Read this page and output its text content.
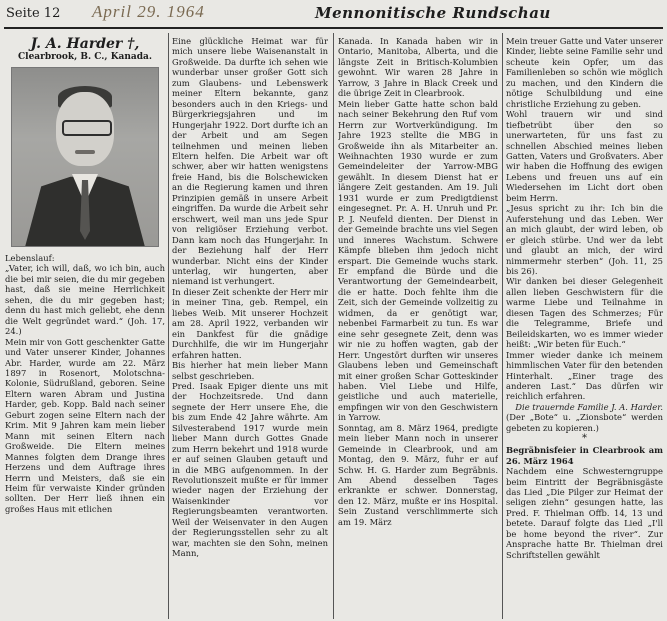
Seite 12 April 29. 1964	Mennonitische Rundschau

J. A. Harder †,

Clearbrook, B. C., Kanada.

Lebenslauf:

„Vater, ich will, daß, wo ich bin, auch die bei mir seien, die du mir gegeben hast, daß sie meine Herrlichkeit sehen, die du mir gegeben hast; denn du hast mich geliebt, ehe denn die Welt gegründet ward.“ (Joh. 17, 24.)

Mein mir von Gott geschenkter Gatte und Vater unserer Kinder, Johannes Abr. Harder, wurde am 22. März 1897 in Rosenort, Molotschna-Kolonie, Südrußland, geboren. Seine Eltern waren Abram und Justina Harder, geb. Kopp. Bald nach seiner Geburt zogen seine Eltern nach der Krim. Mit 9 Jahren kam mein lieber Mann mit seinen Eltern nach Großweide. Die Eltern meines Mannes folgten dem Drange ihres Herzens und dem Auftrage ihres Herrn und Meisters, daß sie ein Heim für verwaiste Kinder gründen sollten. Der Herr ließ ihnen ein großes Haus mit etlichen

Eine glückliche Heimat war für mich unsere liebe Waisenanstalt in Großweide. Da durfte ich sehen wie wunderbar unser großer Gott sich zum Glaubens- und Lebenswerk meiner Eltern bekannte, ganz besonders auch in den Kriegs- und Bürgerkriegsjahren und im Hungerjahr 1922. Dort durfte ich an der Arbeit und am Segen teilnehmen und meinen lieben Eltern helfen. Die Arbeit war oft schwer, aber wir hatten wenigstens freie Hand, bis die Bolschewicken an die Regierung kamen und ihren Prinzipien gemäß in unsere Arbeit eingriffen. Da wurde die Arbeit sehr erschwert, weil man uns jede Spur von religiöser Erziehung verbot. Dann kam noch das Hungerjahr. In der Beziehung half der Herr wunderbar. Nicht eins der Kinder unterlag, wir hungerten, aber niemand ist verhungert.

In dieser Zeit schenkte der Herr mir in meiner Tina, geb. Rempel, ein liebes Weib. Mit unserer Hochzeit am 28. April 1922, verbanden wir ein Dankfest für die gnädige Durchhilfe, die wir im Hungerjahr erfahren hatten.

Bis hierher hat mein lieber Mann selbst geschrieben.

Pred. Isaak Epiger diente uns mit der Hochzeitsrede. Und dann segnete der Herr unsere Ehe, die bis zum Ende 42 Jahre währte. Am Silvesterabend 1917 wurde mein lieber Mann durch Gottes Gnade zum Herrn bekehrt und 1918 wurde er auf seinen Glauben getauft und in die MBG aufgenommen. In der Revolutionszeit mußte er für immer wieder nagen der Erziehung der Waisenkinder vor Regierungsbeamten verantworten. Weil der Weisenvater in den Augen der Regierungsstellen sehr zu alt war, machten sie den Sohn, meinen Mann,

Kanada. In Kanada haben wir in Ontario, Manitoba, Alberta, und die längste Zeit in Britisch-Kolumbien gewohnt. Wir waren 28 Jahre in Yarrow, 3 Jahre in Black Creek und die übrige Zeit in Clearbrook.

Mein lieber Gatte hatte schon bald nach seiner Bekehrung den Ruf vom Herrn zur Wortverkündigung. Im Jahre 1923 stellte die MBG in Großweide ihn als Mitarbeiter an. Weihnachten 1930 wurde er zum Gemeindeleiter der Yarrow-MBG gewählt. In diesem Dienst hat er längere Zeit gestanden. Am 19. Juli 1931 wurde er zum Predigtdienst eingesegnet. Pr. A. H. Unruh und Pr. P. J. Neufeld dienten. Der Dienst in der Gemeinde brachte uns viel Segen und inneres Wachstum. Schwere Kämpfe blieben ihm jedoch nicht erspart. Die Gemeinde wuchs stark. Er empfand die Bürde und die Verantwortung der Gemeindearbeit, die er hatte. Doch fehlte ihm die Zeit, sich der Gemeinde vollzeitig zu widmen, da er genötigt war, nebenbei Farmarbeit zu tun. Es war eine sehr gesegnete Zeit, denn was wir nie zu hoffen wagten, gab der Herr. Ungestört durften wir unseres Glaubens leben und Gemeinschaft mit einer großen Schar Gotteskinder haben. Viel Liebe und Hilfe, geistliche und auch materielle, empfingen wir von den Geschwistern in Yarrow.

Sonntag, am 8. März 1964, predigte mein lieber Mann noch in unserer Gemeinde in Clearbrook, und am Montag, den 9. März, fuhr er auf Schw. H. G. Harder zum Begräbnis. Am Abend desselben Tages erkrankte er schwer. Donnerstag, den 12. März, mußte er ins Hospital. Sein Zustand verschlimmerte sich am 19. März

Mein treuer Gatte und Vater unserer Kinder, liebte seine Familie sehr und scheute kein Opfer, um das Familienleben so schön wie möglich zu machen, und den Kindern die nötige Schulbildung und eine christliche Erziehung zu geben.

Wohl trauern wir und sind tiefbetrübt über den so unerwarteten, für uns fast zu schnellen Abschied meines lieben Gatten, Vaters und Großvaters. Aber wir haben die Hoffnung des ewigen Lebens und freuen uns auf ein Wiedersehen im Licht dort oben beim Herrn.

„Jesus spricht zu ihr: Ich bin die Auferstehung und das Leben. Wer an mich glaubt, der wird leben, ob er gleich stürbe. Und wer da lebt und glaubt an mich, der wird nimmermehr sterben“ (Joh. 11, 25 bis 26).

Wir danken bei dieser Gelegenheit allen lieben Geschwistern für die warme Liebe und Teilnahme in diesen Tagen des Schmerzes; Für die Telegramme, Briefe und Beileidskarten, wo es immer wieder heißt: „Wir beten für Euch.“

Immer wieder danke ich meinem himmlischen Vater für den betenden Hinterhalt. „Einer trage des anderen Last.“ Das dürfen wir reichlich erfahren.

Die trauernde Familie J. A. Harder.

(Der „Bote“ u. „Zionsbote“ werden gebeten zu kopieren.)

*

Begräbnisfeier in Clearbrook am 26. März 1964

Nachdem eine Schwesterngruppe beim Eintritt der Begräbnisgäste das Lied „Die Pilger zur Heimat der seligen ziehn“ gesungen hatte, las Pred. F. Thielman Offb. 14, 13 und betete. Darauf folgte das Lied „I'll be home beyond the river“. Zur Ansprache hatte Br. Thielman drei Schriftstellen gewählt
